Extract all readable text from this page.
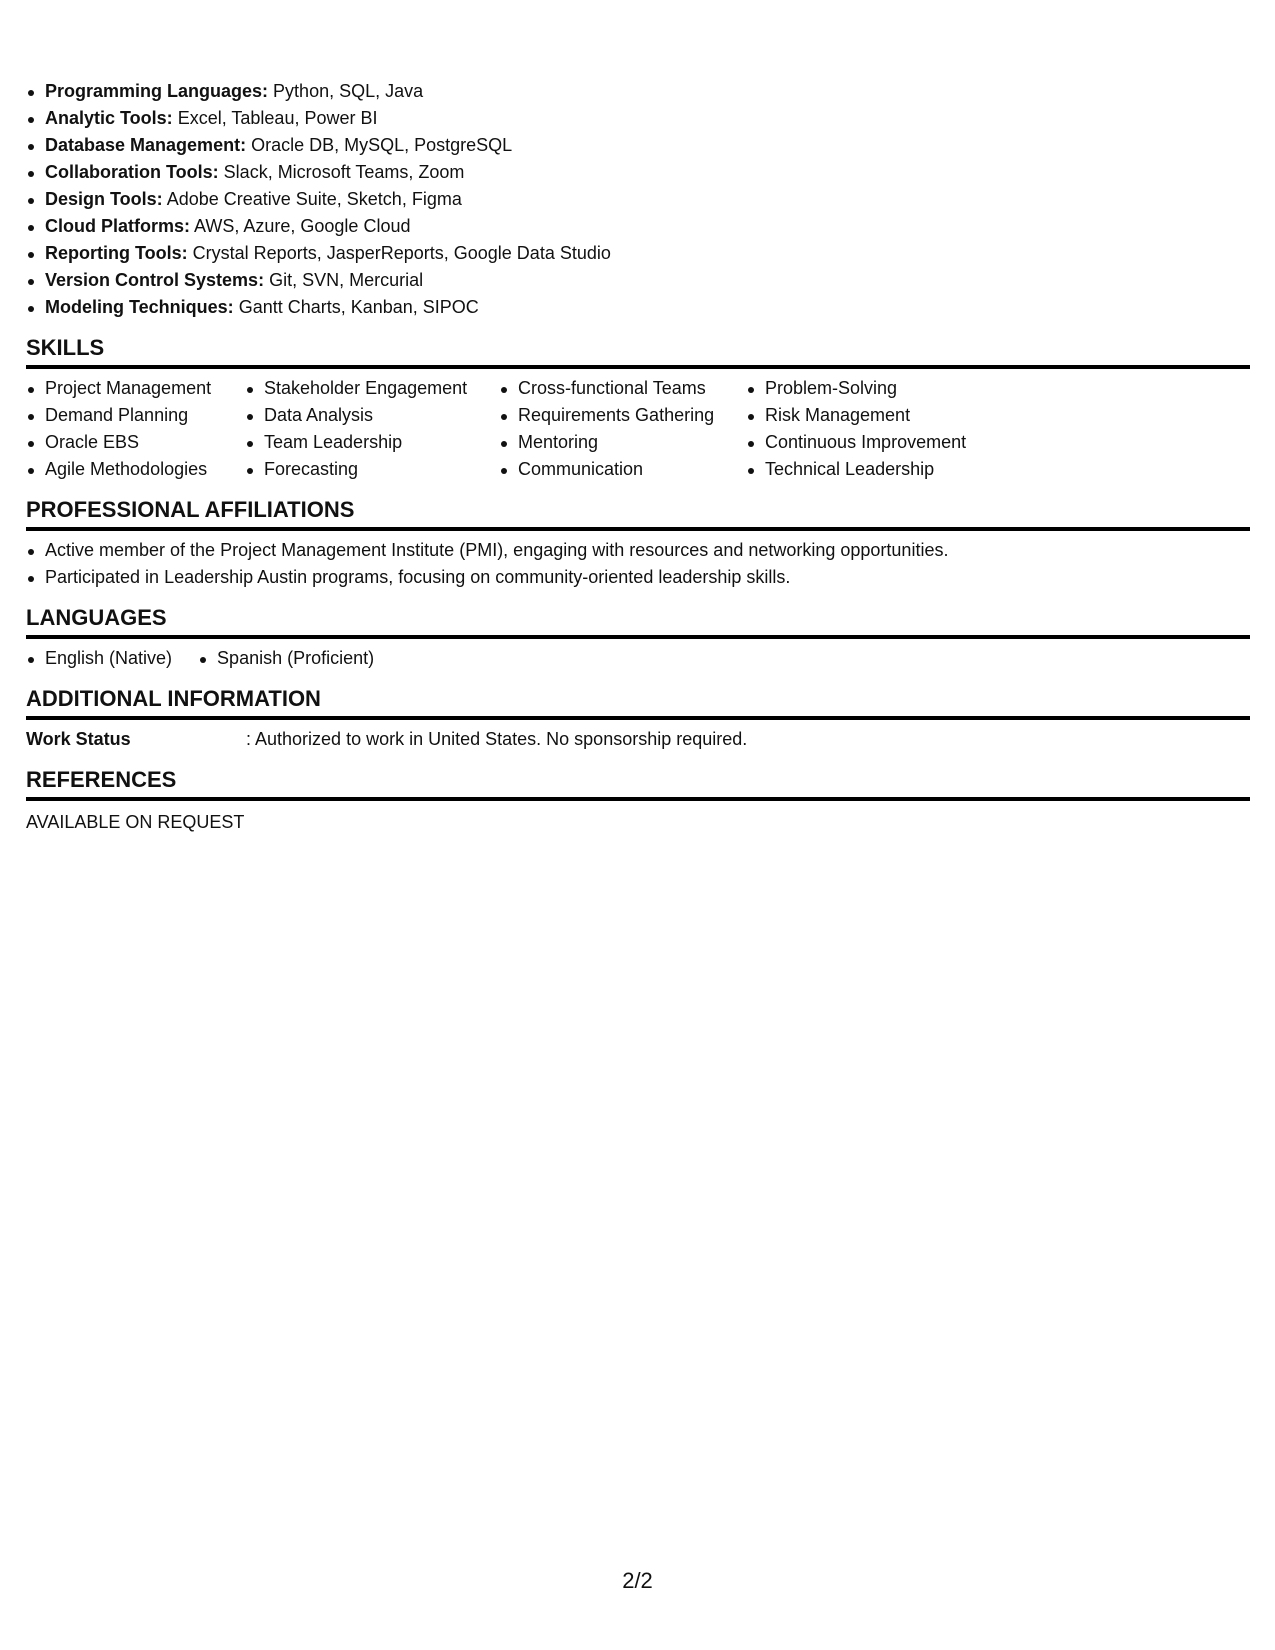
Programming Languages: Python, SQL, Java
Analytic Tools: Excel, Tableau, Power BI
Database Management: Oracle DB, MySQL, PostgreSQL
Collaboration Tools: Slack, Microsoft Teams, Zoom
Design Tools: Adobe Creative Suite, Sketch, Figma
Cloud Platforms: AWS, Azure, Google Cloud
Reporting Tools: Crystal Reports, JasperReports, Google Data Studio
Version Control Systems: Git, SVN, Mercurial
Modeling Techniques: Gantt Charts, Kanban, SIPOC
SKILLS
Project Management
Demand Planning
Oracle EBS
Agile Methodologies
Stakeholder Engagement
Data Analysis
Team Leadership
Forecasting
Cross-functional Teams
Requirements Gathering
Mentoring
Communication
Problem-Solving
Risk Management
Continuous Improvement
Technical Leadership
PROFESSIONAL AFFILIATIONS
Active member of the Project Management Institute (PMI), engaging with resources and networking opportunities.
Participated in Leadership Austin programs, focusing on community-oriented leadership skills.
LANGUAGES
English (Native)	Spanish (Proficient)
ADDITIONAL INFORMATION
Work Status	: Authorized to work in United States. No sponsorship required.
REFERENCES
AVAILABLE ON REQUEST
2/2
